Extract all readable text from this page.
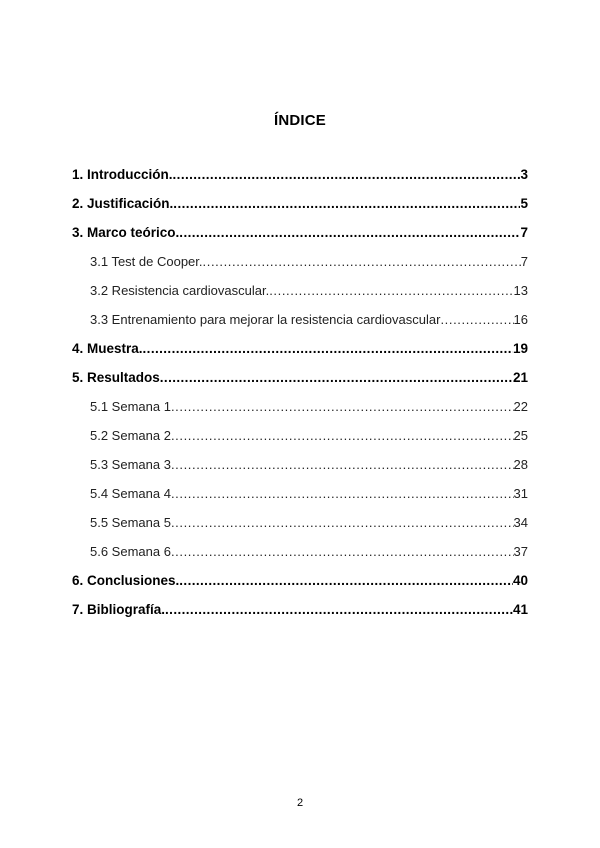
ÍNDICE
1. Introducción. .....	3
2. Justificación. .....	5
3. Marco teórico. .....	7
3.1 Test de Cooper. .....	7
3.2 Resistencia cardiovascular. .....	13
3.3 Entrenamiento para mejorar la resistencia cardiovascular .....	16
4. Muestra. .....	19
5. Resultados .....	21
5.1 Semana 1 .....	22
5.2 Semana 2 .....	25
5.3 Semana 3 .....	28
5.4 Semana 4 .....	31
5.5 Semana 5 .....	34
5.6 Semana 6 .....	37
6. Conclusiones. .....	40
7. Bibliografía. .....	41
2
